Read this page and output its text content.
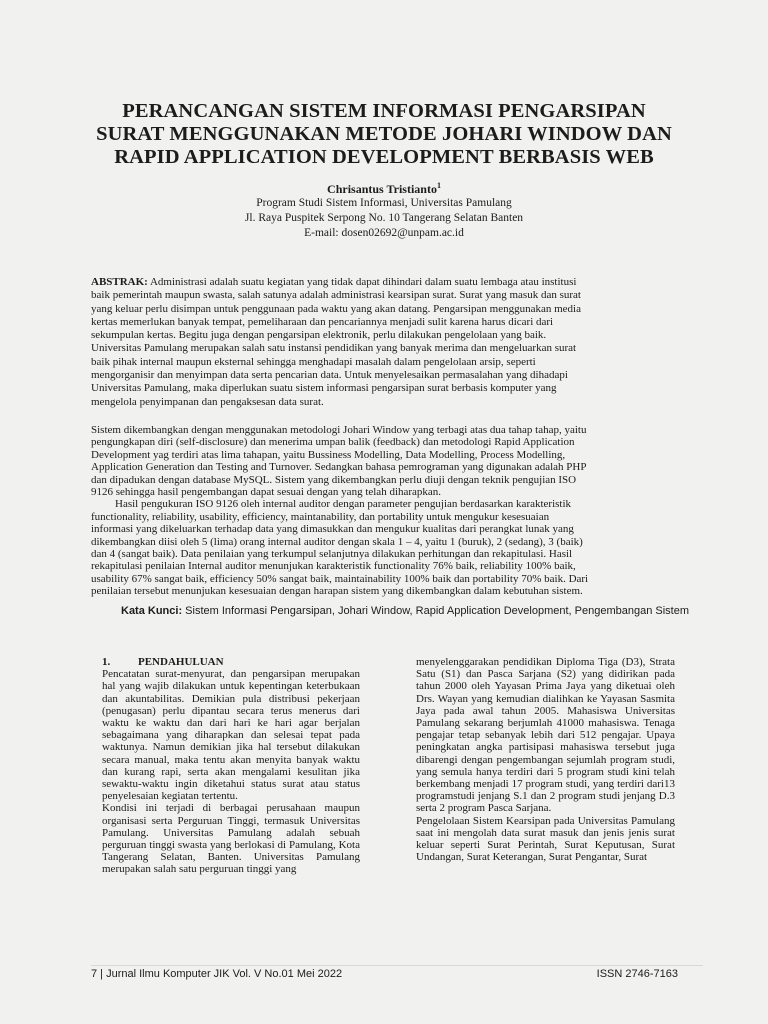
PERANCANGAN SISTEM INFORMASI PENGARSIPAN
SURAT MENGGUNAKAN METODE JOHARI WINDOW DAN
RAPID APPLICATION DEVELOPMENT BERBASIS WEB
Chrisantus Tristianto$^1$
Program Studi Sistem Informasi, Universitas Pamulang
Jl. Raya Puspitek Serpong No. 10 Tangerang Selatan Banten
E-mail: dosen02692@unpam.ac.id

ABSTRAK: Administrasi adalah suatu kegiatan yang tidak dapat dihindari dalam suatu lembaga atau institusi

baik pemerintah maupun swasta, salah satunya adalah administrasi kearsipan surat. Surat yang masuk dan surat

yang keluar perlu disimpan untuk penggunaan pada waktu yang akan datang. Pengarsipan menggunakan media

kertas memerlukan banyak tempat, pemeliharaan dan pencariannya menjadi sulit karena harus dicari dari

sekumpulan kertas. Begitu juga dengan pengarsipan elektronik, perlu dilakukan pengelolaan yang baik.

Universitas Pamulang merupakan salah satu instansi pendidikan yang banyak merima dan mengeluarkan surat

baik pihak internal maupun eksternal sehingga menghadapi masalah dalam pengelolaan arsip, seperti

mengorganisir dan menyimpan data serta pencarian data. Untuk menyelesaikan permasalahan yang dihadapi

Universitas Pamulang, maka diperlukan suatu sistem informasi pengarsipan surat berbasis komputer yang

mengelola penyimpanan dan pengaksesan data surat.

Sistem dikembangkan dengan menggunakan metodologi Johari Window yang terbagi atas dua tahap tahap, yaitu

pengungkapan diri (self-disclosure) dan menerima umpan balik (feedback) dan metodologi Rapid Application

Development yag terdiri atas lima tahapan, yaitu Bussiness Modelling, Data Modelling, Process Modelling,

Application Generation dan Testing and Turnover. Sedangkan bahasa pemrograman yang digunakan adalah PHP

dan dipadukan dengan database MySQL. Sistem yang dikembangkan perlu diuji dengan teknik pengujian ISO

9126 sehingga hasil pengembangan dapat sesuai dengan yang telah diharapkan.

Hasil pengukuran ISO 9126 oleh internal auditor dengan parameter pengujian berdasarkan karakteristik

functionality, reliability, usability, efficiency, maintanability, dan portability untuk mengukur kesesuaian

informasi yang dikeluarkan terhadap data yang dimasukkan dan mengukur kualitas dari perangkat lunak yang

dikembangkan diisi oleh 5 (lima) orang internal auditor dengan skala 1 – 4, yaitu 1 (buruk), 2 (sedang), 3 (baik)

dan 4 (sangat baik). Data penilaian yang terkumpul selanjutnya dilakukan perhitungan dan rekapitulasi. Hasil

rekapitulasi penilaian Internal auditor menunjukan karakteristik functionality 76% baik, reliability 100% baik,

usability 67% sangat baik, efficiency 50% sangat baik, maintainability 100% baik dan portability 70% baik. Dari

penilaian tersebut menunjukan kesesuaian dengan harapan sistem yang dikembangkan dalam kebutuhan sistem.

Kata Kunci: Sistem Informasi Pengarsipan, Johari Window, Rapid Application Development, Pengembangan Sistem

1.	PENDAHULUAN

Pencatatan surat-menyurat, dan pengarsipan merupakan hal yang wajib dilakukan untuk kepentingan keterbukaan dan akuntabilitas. Demikian pula distribusi pekerjaan (penugasan) perlu dipantau secara terus menerus dari waktu ke waktu dan dari hari ke hari agar berjalan sebagaimana yang diharapkan dan selesai tepat pada waktunya. Namun demikian jika hal tersebut dilakukan secara manual, maka tentu akan menyita banyak waktu dan kurang rapi, serta akan mengalami kesulitan jika sewaktu-waktu ingin diketahui status surat atau status penyelesaian kegiatan tertentu.

Kondisi ini terjadi di berbagai perusahaan maupun organisasi serta Perguruan Tinggi, termasuk Universitas Pamulang. Universitas Pamulang adalah sebuah perguruan tinggi swasta yang berlokasi di Pamulang, Kota Tangerang Selatan, Banten. Universitas Pamulang merupakan salah satu perguruan tinggi yang

menyelenggarakan pendidikan Diploma Tiga (D3), Strata Satu (S1) dan Pasca Sarjana (S2) yang didirikan pada tahun 2000 oleh Yayasan Prima Jaya yang diketuai oleh Drs. Wayan yang kemudian dialihkan ke Yayasan Sasmita Jaya pada awal tahun 2005. Mahasiswa Universitas Pamulang sekarang berjumlah 41000 mahasiswa. Tenaga pengajar tetap sebanyak lebih dari 512 pengajar. Upaya peningkatan angka partisipasi mahasiswa tersebut juga dibarengi dengan pengembangan sejumlah program studi, yang semula hanya terdiri dari 5 program studi kini telah berkembang menjadi 17 program studi, yang terdiri dari13 programstudi jenjang S.1 dan 2 program studi jenjang D.3 serta 2 program Pasca Sarjana.

Pengelolaan Sistem Kearsipan pada Universitas Pamulang saat ini mengolah data surat masuk dan jenis jenis surat keluar seperti Surat Perintah, Surat Keputusan, Surat Undangan, Surat Keterangan, Surat Pengantar, Surat

7 | Jurnal Ilmu Komputer JIK Vol. V No.01 Mei 2022	ISSN 2746-7163
